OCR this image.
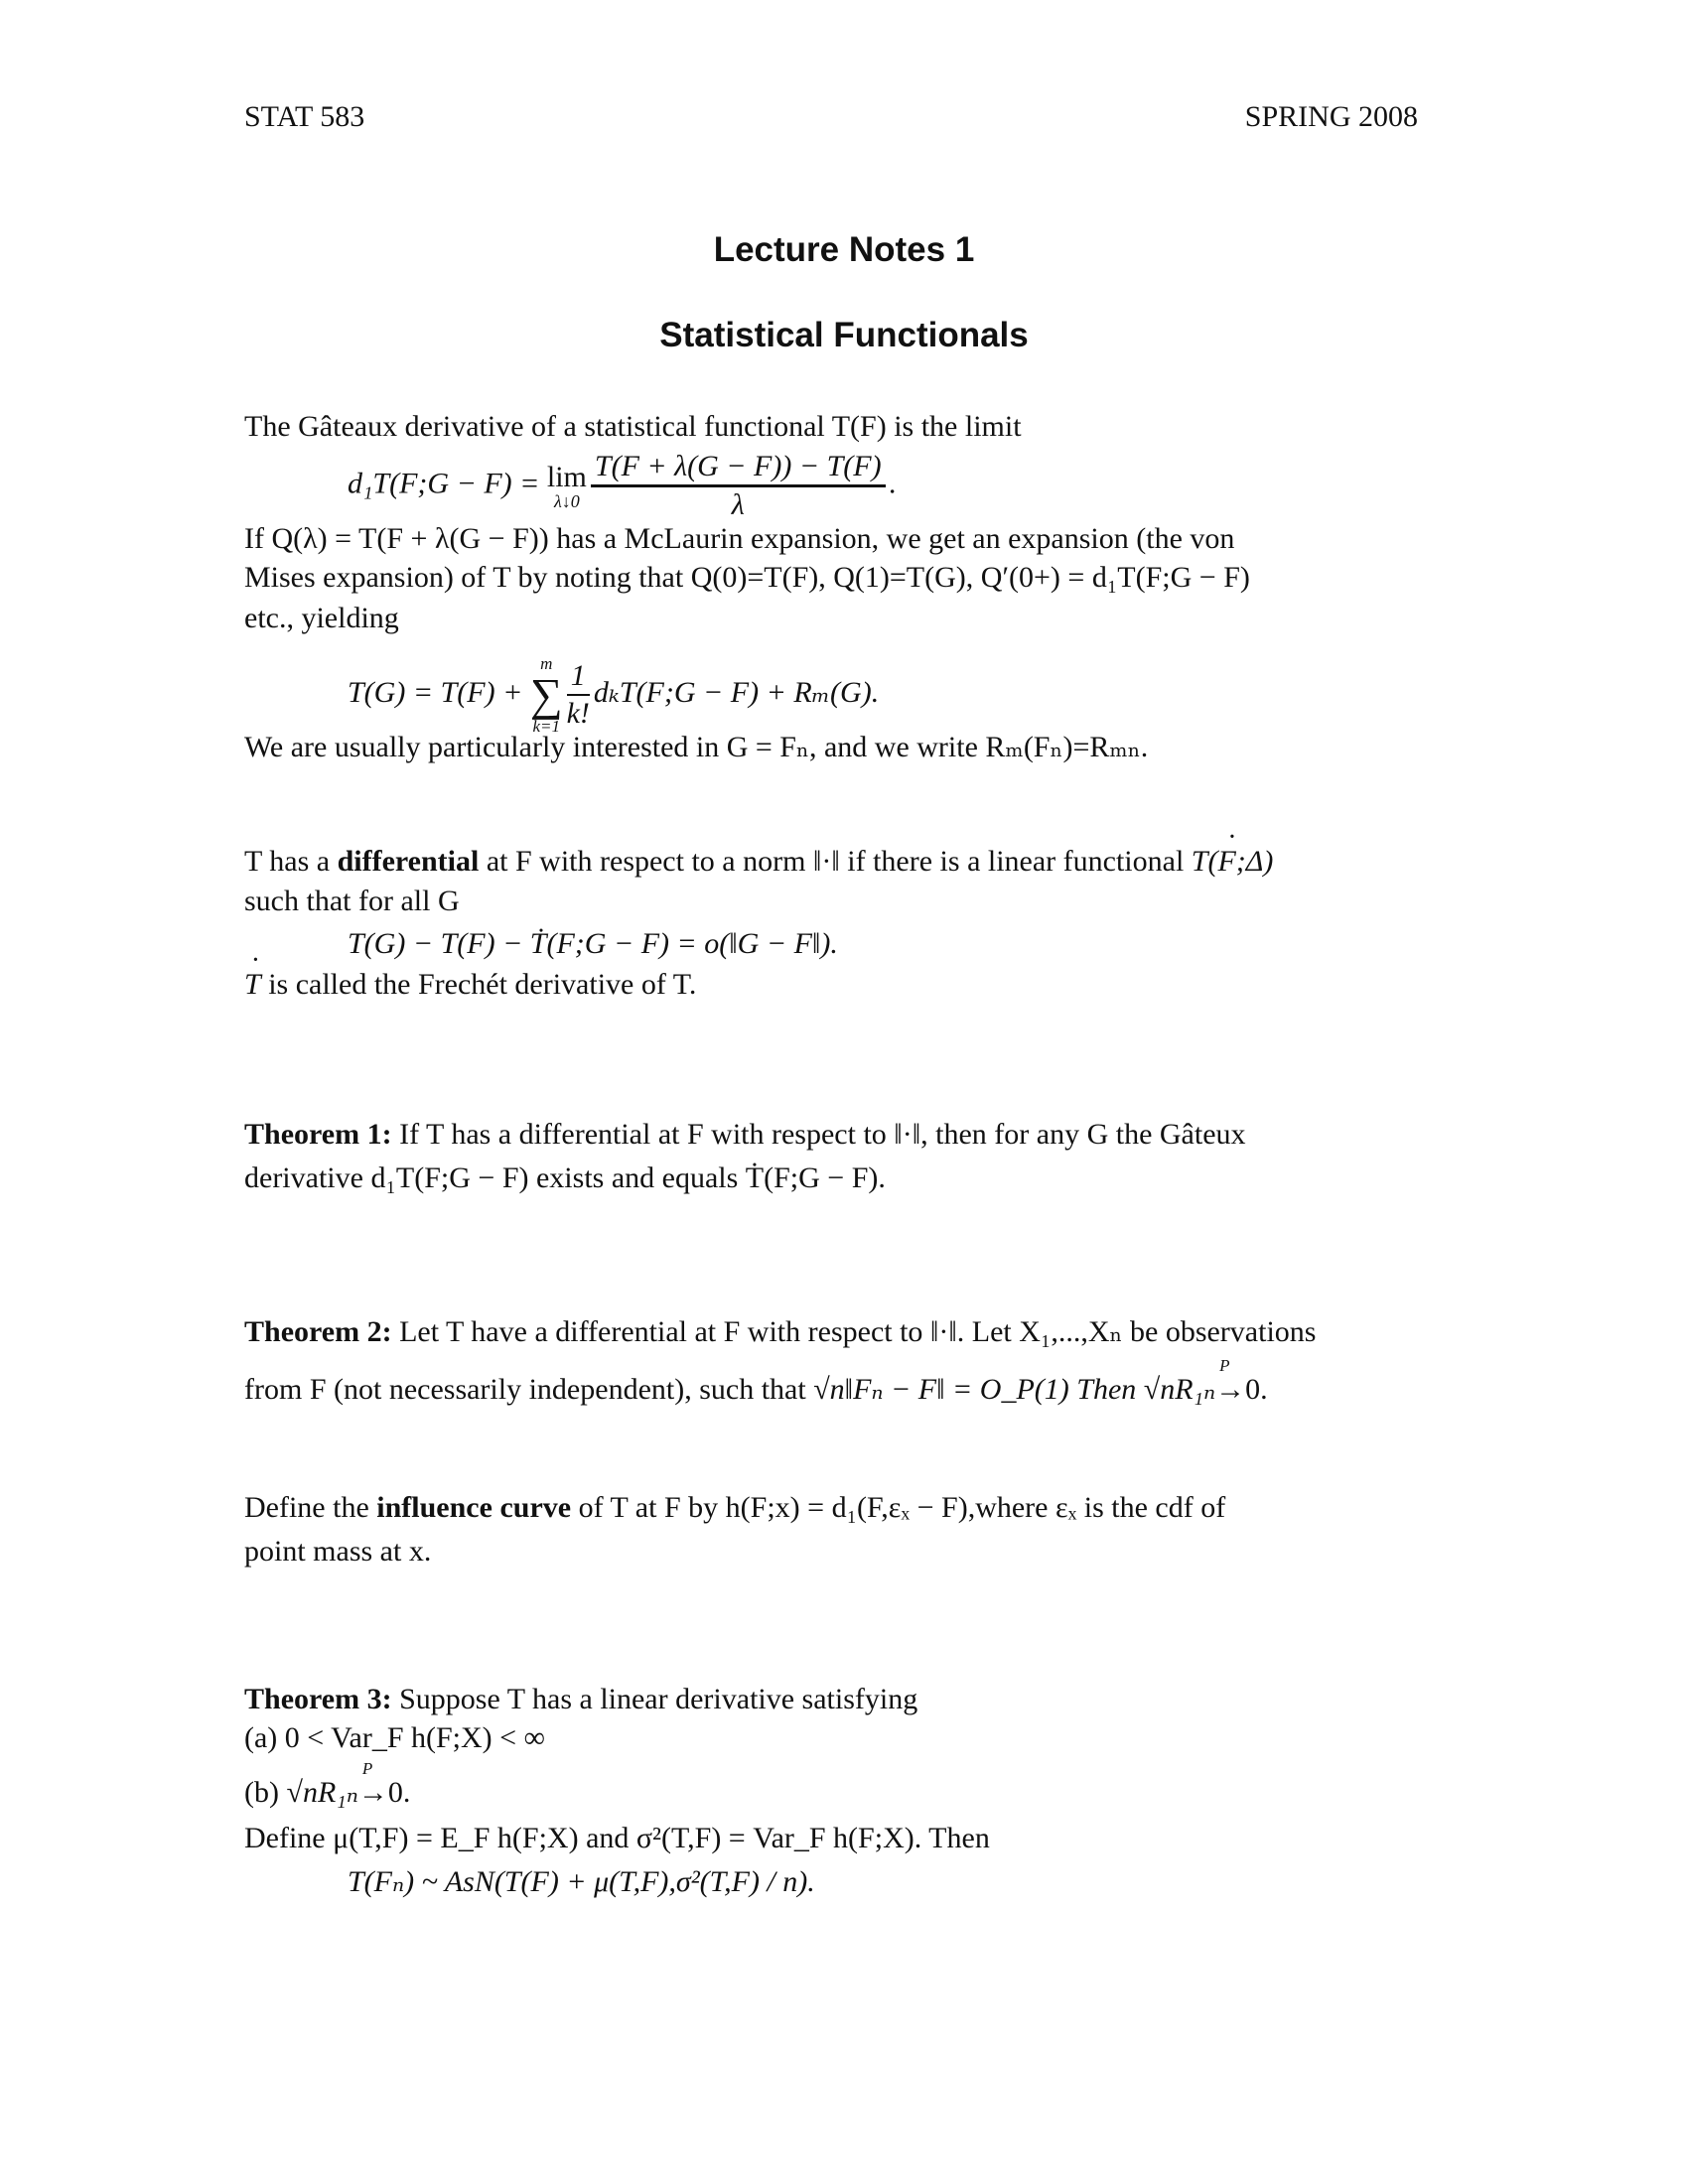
STAT 583	SPRING 2008
Lecture Notes 1
Statistical Functionals
The Gâteaux derivative of a statistical functional T(F) is the limit
d₁T(F;G − F) = lim
λ↓0 $\frac{T(F + \lambda(G - F)) - T(F)}{\lambda}$ .
If Q(λ) = T(F + λ(G − F)) has a McLaurin expansion, we get an expansion (the von
Mises expansion) of T by noting that Q(0)=T(F), Q(1)=T(G), Q′(0+) = d₁T(F;G − F)
etc., yielding
T(G) = T(F) +
m
∑
$k=1 \frac{1}{k!}$ dₖT(F;G − F) + Rₘ(G).
We are usually particularly interested in G = Fₙ, and we write Rₘ(Fₙ)=Rₘₙ.
T has a differential at F with respect to a norm ‖·‖ if there is a linear functional · T(F;Δ)
such that for all G
T(G) − T(F) − Ṫ(F;G − F) = o(‖G − F‖).
· T is called the Frechét derivative of T.
Theorem 1: If T has a differential at F with respect to ‖·‖, then for any G the Gâteux
derivative d₁T(F;G − F) exists and equals Ṫ(F;G − F).
Theorem 2: Let T have a differential at F with respect to ‖·‖. Let X₁,...,Xₙ be observations
from F (not necessarily independent), such that √n‖Fₙ − F‖ = O_P(1) Then √nR₁ₙ
P
→0.
Define the influence curve of T at F by h(F;x) = d₁(F,εₓ − F),where εₓ is the cdf of
point mass at x.
Theorem 3: Suppose T has a linear derivative satisfying
(a) 0 < Var_F h(F;X) < ∞
(b) √nR₁ₙ
P
→0.
Define μ(T,F) = E_F h(F;X) and σ²(T,F) = Var_F h(F;X). Then
T(Fₙ) ~ AsN(T(F) + μ(T,F),σ²(T,F) / n).
